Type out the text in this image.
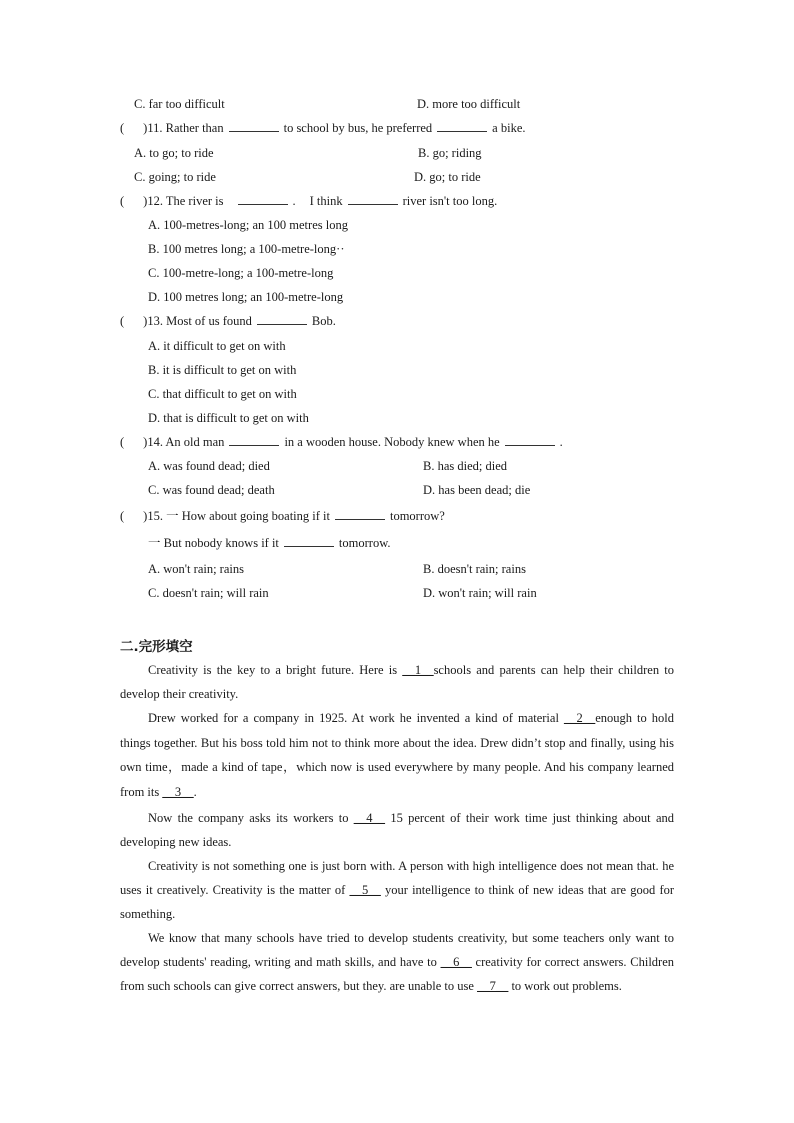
C. far too difficult	D. more too difficult
( )11. Rather than	to school by bus, he preferred	a bike.
A. to go; to ride	B. go; riding
C. going; to ride	D. go; to ride
( )12. The river is	. I think	river isn't too long.
A. 100-metres-long; an 100 metres long
B. 100 metres long; a 100-metre-long··
C. 100-metre-long; a 100-metre-long
D. 100 metres long; an 100-metre-long
( )13. Most of us found	Bob.
A. it difficult to get on with
B. it is difficult to get on with
C. that difficult to get on with
D. that is difficult to get on with
( )14. An old man	in a wooden house. Nobody knew when he	.
A. was found dead; died	B. has died; died
C. was found dead; death	D. has been dead; die
( )15. 一 How about going boating if it	tomorrow?
一 But nobody knows if it	tomorrow.
A. won't rain; rains	B. doesn't rain; rains
C. doesn't rain; will rain	D. won't rain; will rain
二.完形填空
Creativity is the key to a bright future. Here is __1__schools and parents can help their children to develop their creativity.
Drew worked for a company in 1925. At work he invented a kind of material __2__enough to hold things together. But his boss told him not to think more about the idea. Drew didn’t stop and finally, using his own time，made a kind of tape，which now is used everywhere by many people. And his company learned from its __3__.
Now the company asks its workers to __4__ 15 percent of their work time just thinking about and developing new ideas.
Creativity is not something one is just born with. A person with high intelligence does not mean that. he uses it creatively. Creativity is the matter of __5__ your intelligence to think of new ideas that are good for something.
We know that many schools have tried to develop students creativity, but some teachers only want to develop students' reading, writing and math skills, and have to __6__ creativity for correct answers. Children from such schools can give correct answers, but they. are unable to use __7__ to work out problems.
